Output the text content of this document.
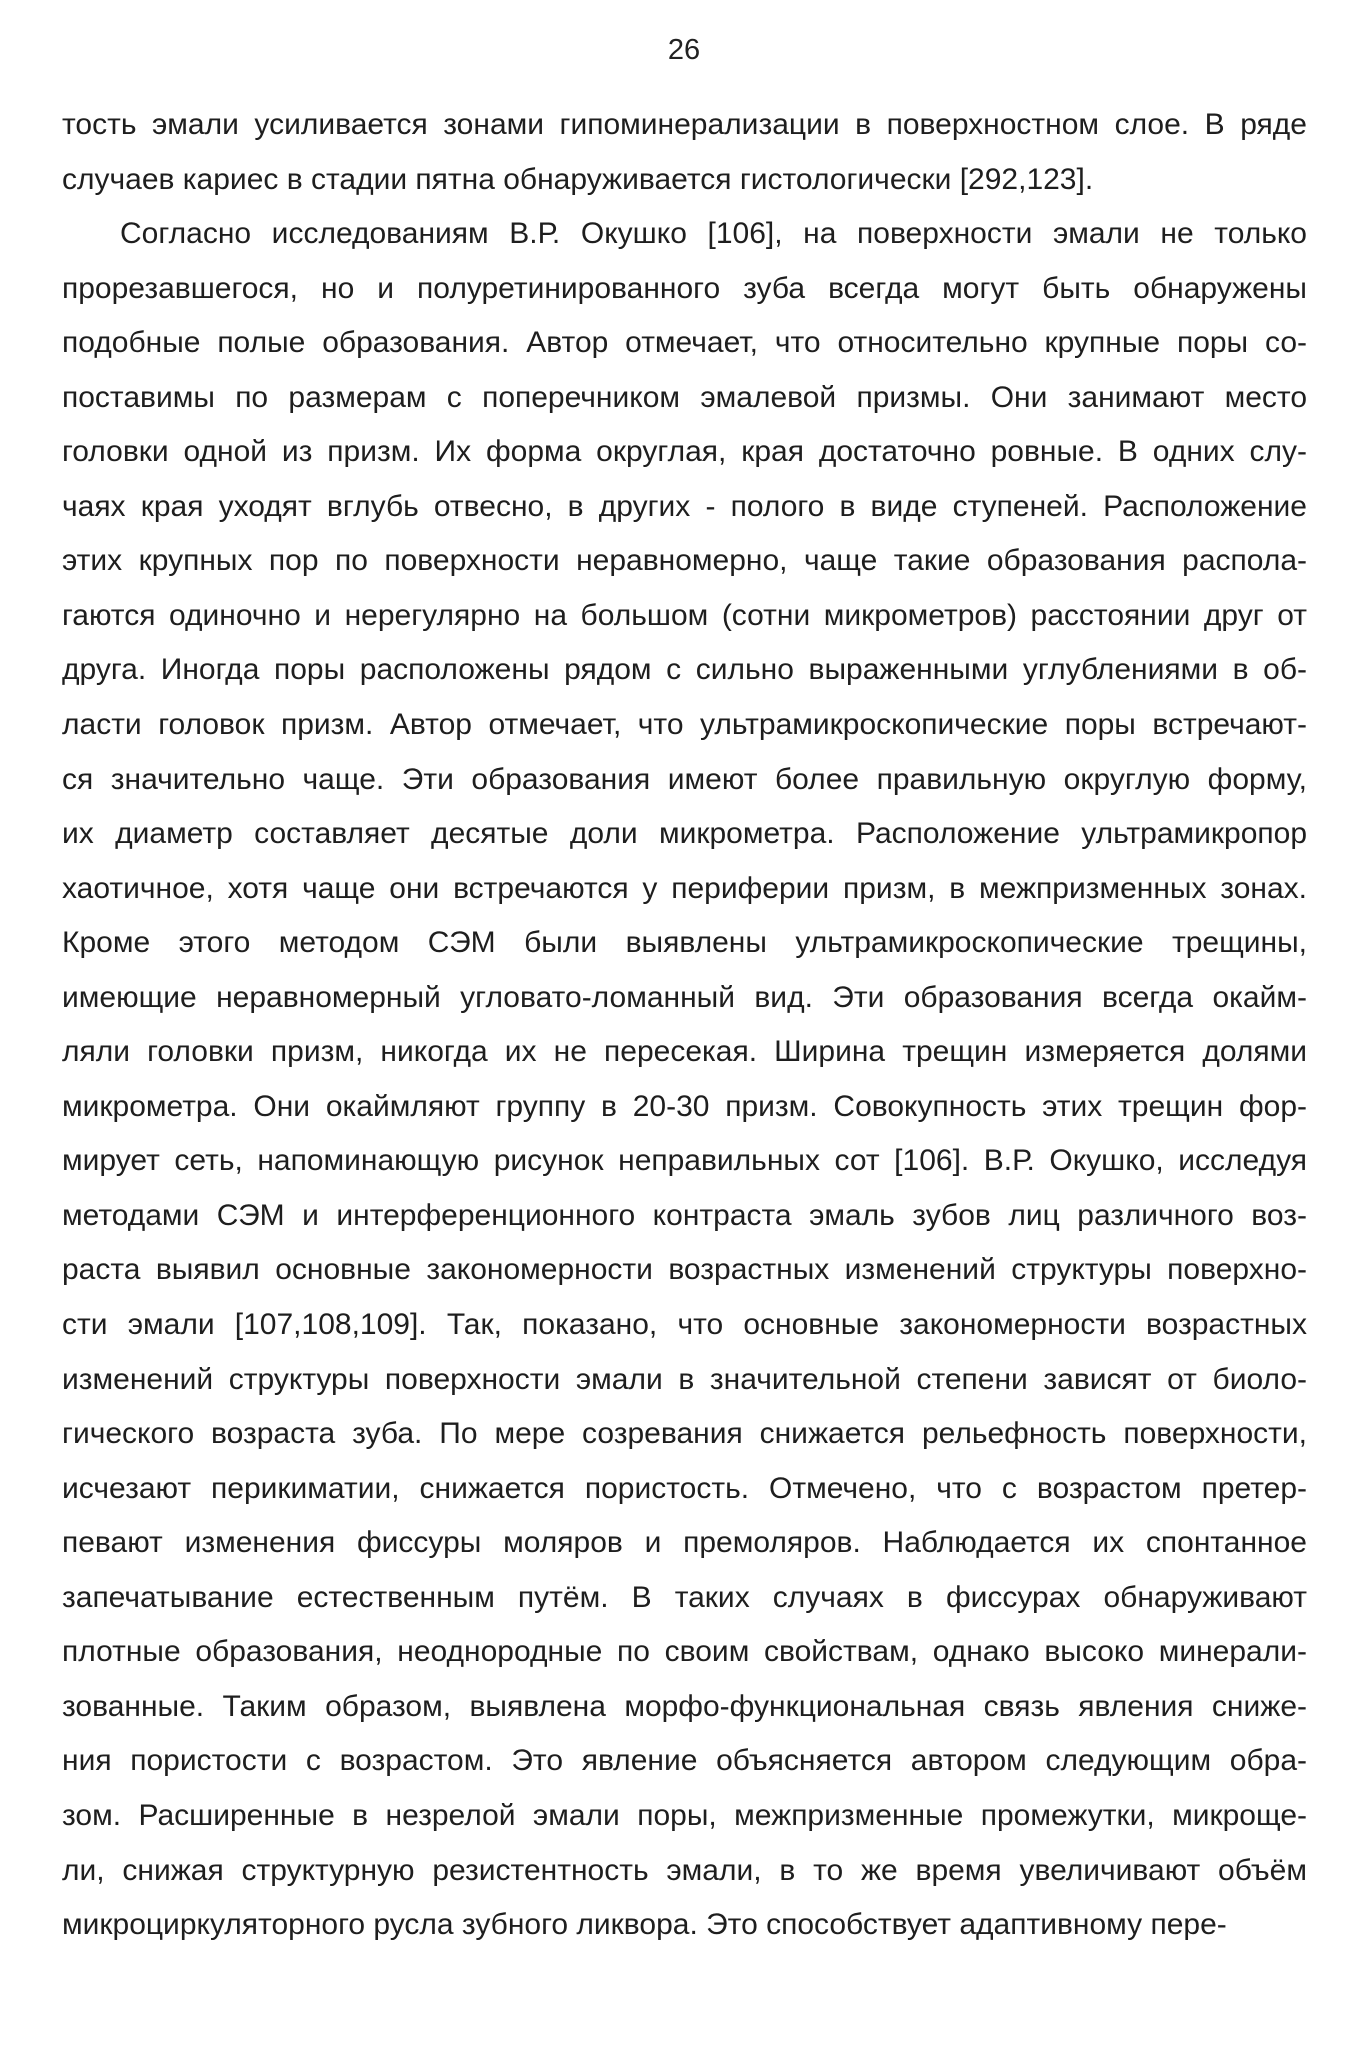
26
тость эмали усиливается зонами гипоминерализации в поверхностном слое. В ряде
случаев кариес в стадии пятна обнаруживается гистологически [292,123].
Согласно исследованиям В.Р. Окушко [106], на поверхности эмали не только
прорезавшегося, но и полуретинированного зуба всегда могут быть обнаружены
подобные полые образования. Автор отмечает, что относительно крупные поры со-
поставимы по размерам с поперечником эмалевой призмы. Они занимают место
головки одной из призм. Их форма округлая, края достаточно ровные. В одних слу-
чаях края уходят вглубь отвесно, в других - полого в виде ступеней. Расположение
этих крупных пор по поверхности неравномерно, чаще такие образования распола-
гаются одиночно и нерегулярно на большом (сотни микрометров) расстоянии друг от
друга. Иногда поры расположены рядом с сильно выраженными углублениями в об-
ласти головок призм. Автор отмечает, что ультрамикроскопические поры встречают-
ся значительно чаще. Эти образования имеют более правильную округлую форму,
их диаметр составляет десятые доли микрометра. Расположение ультрамикропор
хаотичное, хотя чаще они встречаются у периферии призм, в межпризменных зонах.
Кроме этого методом СЭМ были выявлены ультрамикроскопические трещины,
имеющие неравномерный угловато-ломанный вид. Эти образования всегда окайм-
ляли головки призм, никогда их не пересекая. Ширина трещин измеряется долями
микрометра. Они окаймляют группу в 20-30 призм. Совокупность этих трещин фор-
мирует сеть, напоминающую рисунок неправильных сот [106]. В.Р. Окушко, исследуя
методами СЭМ и интерференционного контраста эмаль зубов лиц различного воз-
раста выявил основные закономерности возрастных изменений структуры поверхно-
сти эмали [107,108,109]. Так, показано, что основные закономерности возрастных
изменений структуры поверхности эмали в значительной степени зависят от биоло-
гического возраста зуба. По мере созревания снижается рельефность поверхности,
исчезают перикиматии, снижается пористость. Отмечено, что с возрастом претер-
певают изменения фиссуры моляров и премоляров. Наблюдается их спонтанное
запечатывание естественным путём. В таких случаях в фиссурах обнаруживают
плотные образования, неоднородные по своим свойствам, однако высоко минерали-
зованные. Таким образом, выявлена морфо-функциональная связь явления сниже-
ния пористости с возрастом. Это явление объясняется автором следующим обра-
зом. Расширенные в незрелой эмали поры, межпризменные промежутки, микроще-
ли, снижая структурную резистентность эмали, в то же время увеличивают объём
микроциркуляторного русла зубного ликвора. Это способствует адаптивному пере-
